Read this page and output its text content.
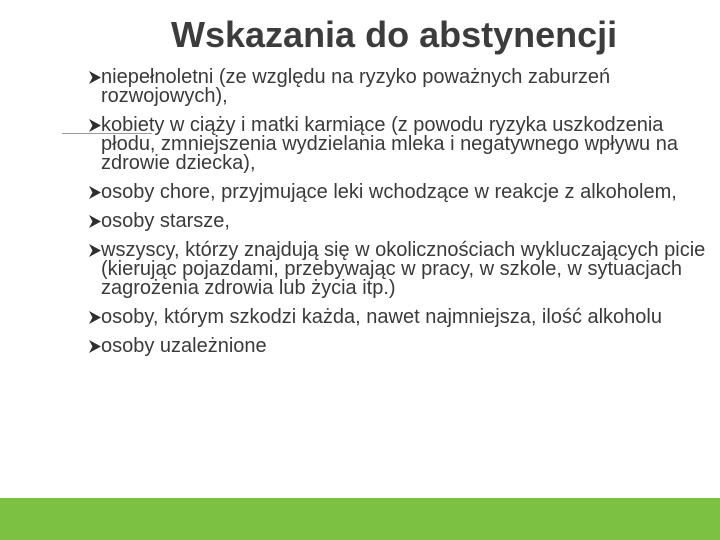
Wskazania do abstynencji
niepełnoletni (ze względu na ryzyko poważnych zaburzeń rozwojowych),
kobiety w ciąży i matki karmiące (z powodu ryzyka uszkodzenia płodu, zmniejszenia wydzielania mleka i negatywnego wpływu na zdrowie dziecka),
osoby chore, przyjmujące leki wchodzące w reakcje z alkoholem,
osoby starsze,
wszyscy, którzy znajdują się w okolicznościach wykluczających picie (kierując pojazdami, przebywając w pracy, w szkole, w sytuacjach zagrożenia zdrowia lub życia itp.)
osoby, którym szkodzi każda, nawet najmniejsza, ilość alkoholu
osoby uzależnione
